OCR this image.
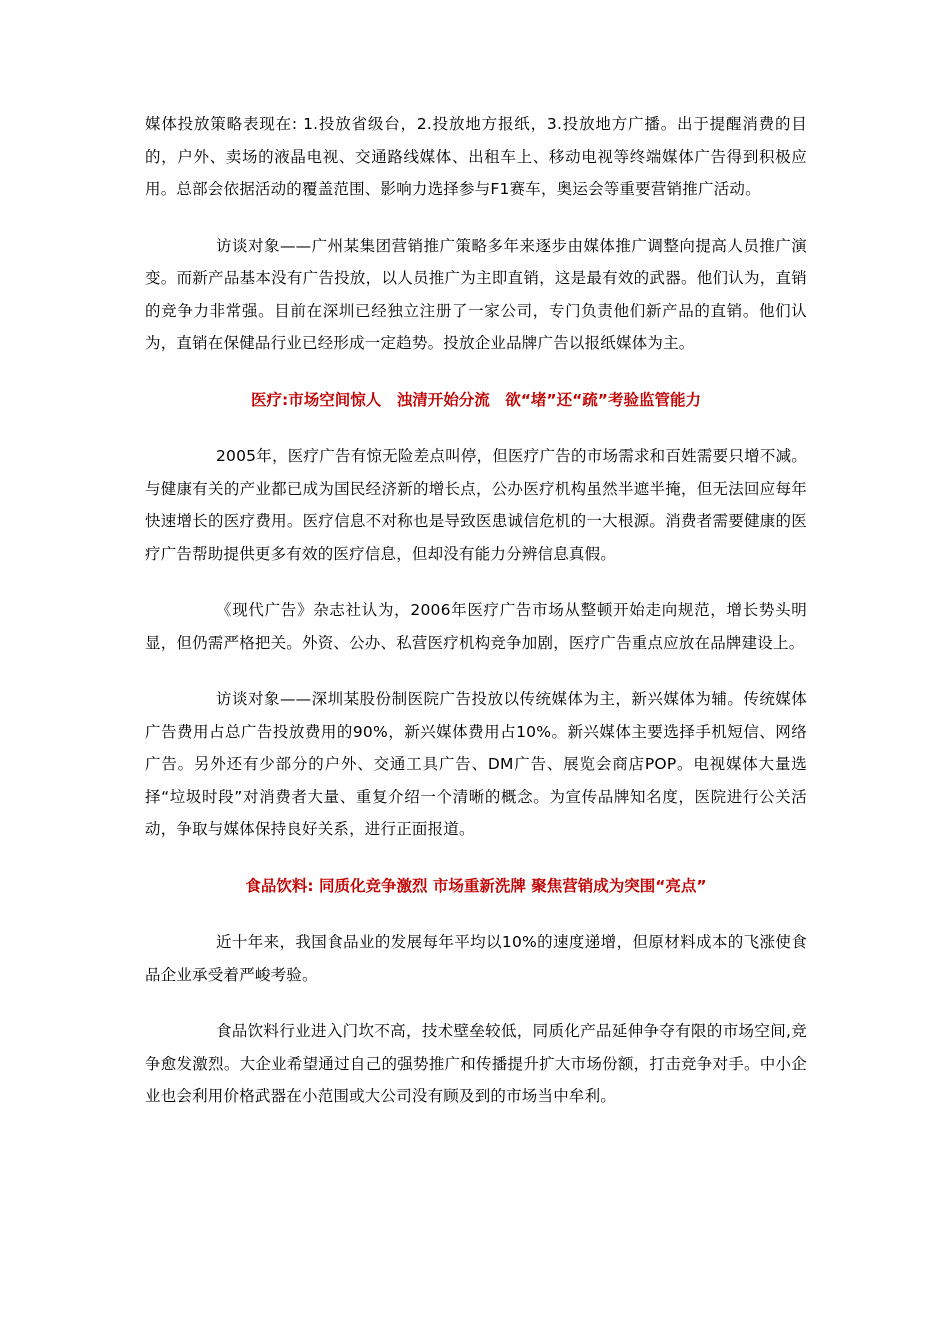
媒体投放策略表现在: 1.投放省级台，2.投放地方报纸，3.投放地方广播。出于提醒消费的目的，户外、卖场的液晶电视、交通路线媒体、出租车上、移动电视等终端媒体广告得到积极应用。总部会依据活动的覆盖范围、影响力选择参与F1赛车，奥运会等重要营销推广活动。

访谈对象——广州某集团营销推广策略多年来逐步由媒体推广调整向提高人员推广演变。而新产品基本没有广告投放，以人员推广为主即直销，这是最有效的武器。他们认为，直销的竞争力非常强。目前在深圳已经独立注册了一家公司，专门负责他们新产品的直销。他们认为，直销在保健品行业已经形成一定趋势。投放企业品牌广告以报纸媒体为主。

医疗:市场空间惊人　浊清开始分流　欲“堵”还“疏”考验监管能力

2005年，医疗广告有惊无险差点叫停，但医疗广告的市场需求和百姓需要只增不减。与健康有关的产业都已成为国民经济新的增长点，公办医疗机构虽然半遮半掩，但无法回应每年快速增长的医疗费用。医疗信息不对称也是导致医患诚信危机的一大根源。消费者需要健康的医疗广告帮助提供更多有效的医疗信息，但却没有能力分辨信息真假。

《现代广告》杂志社认为，2006年医疗广告市场从整顿开始走向规范，增长势头明显，但仍需严格把关。外资、公办、私营医疗机构竞争加剧，医疗广告重点应放在品牌建设上。

访谈对象——深圳某股份制医院广告投放以传统媒体为主，新兴媒体为辅。传统媒体广告费用占总广告投放费用的90%，新兴媒体费用占10%。新兴媒体主要选择手机短信、网络广告。另外还有少部分的户外、交通工具广告、DM广告、展览会商店POP。电视媒体大量选择“垃圾时段”对消费者大量、重复介绍一个清晰的概念。为宣传品牌知名度，医院进行公关活动，争取与媒体保持良好关系，进行正面报道。

食品饮料: 同质化竞争激烈 市场重新洗牌 聚焦营销成为突围“亮点”

近十年来，我国食品业的发展每年平均以10%的速度递增，但原材料成本的飞涨使食品企业承受着严峻考验。

食品饮料行业进入门坎不高，技术壁垒较低，同质化产品延伸争夺有限的市场空间,竞争愈发激烈。大企业希望通过自己的强势推广和传播提升扩大市场份额，打击竞争对手。中小企业也会利用价格武器在小范围或大公司没有顾及到的市场当中牟利。
